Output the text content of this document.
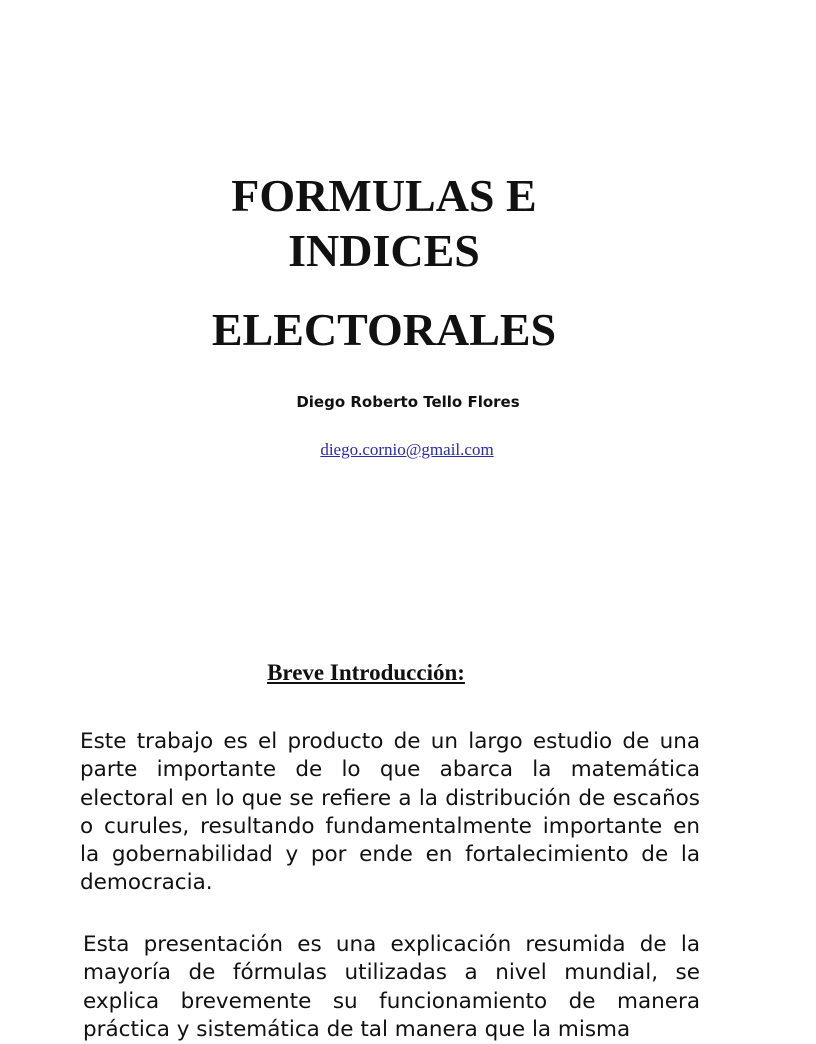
FORMULAS E
INDICES
ELECTORALES
Diego Roberto Tello Flores
diego.cornio@gmail.com
Breve Introducción:

Este trabajo es el producto de un largo estudio de una parte importante de lo que abarca la matemática electoral en lo que se refiere a la distribución de escaños o curules, resultando fundamentalmente importante en la gobernabilidad y por ende en fortalecimiento de la democracia.

Esta presentación es una explicación resumida de la mayoría de fórmulas utilizadas a nivel mundial, se explica brevemente su funcionamiento de manera práctica y sistemática de tal manera que la misma
